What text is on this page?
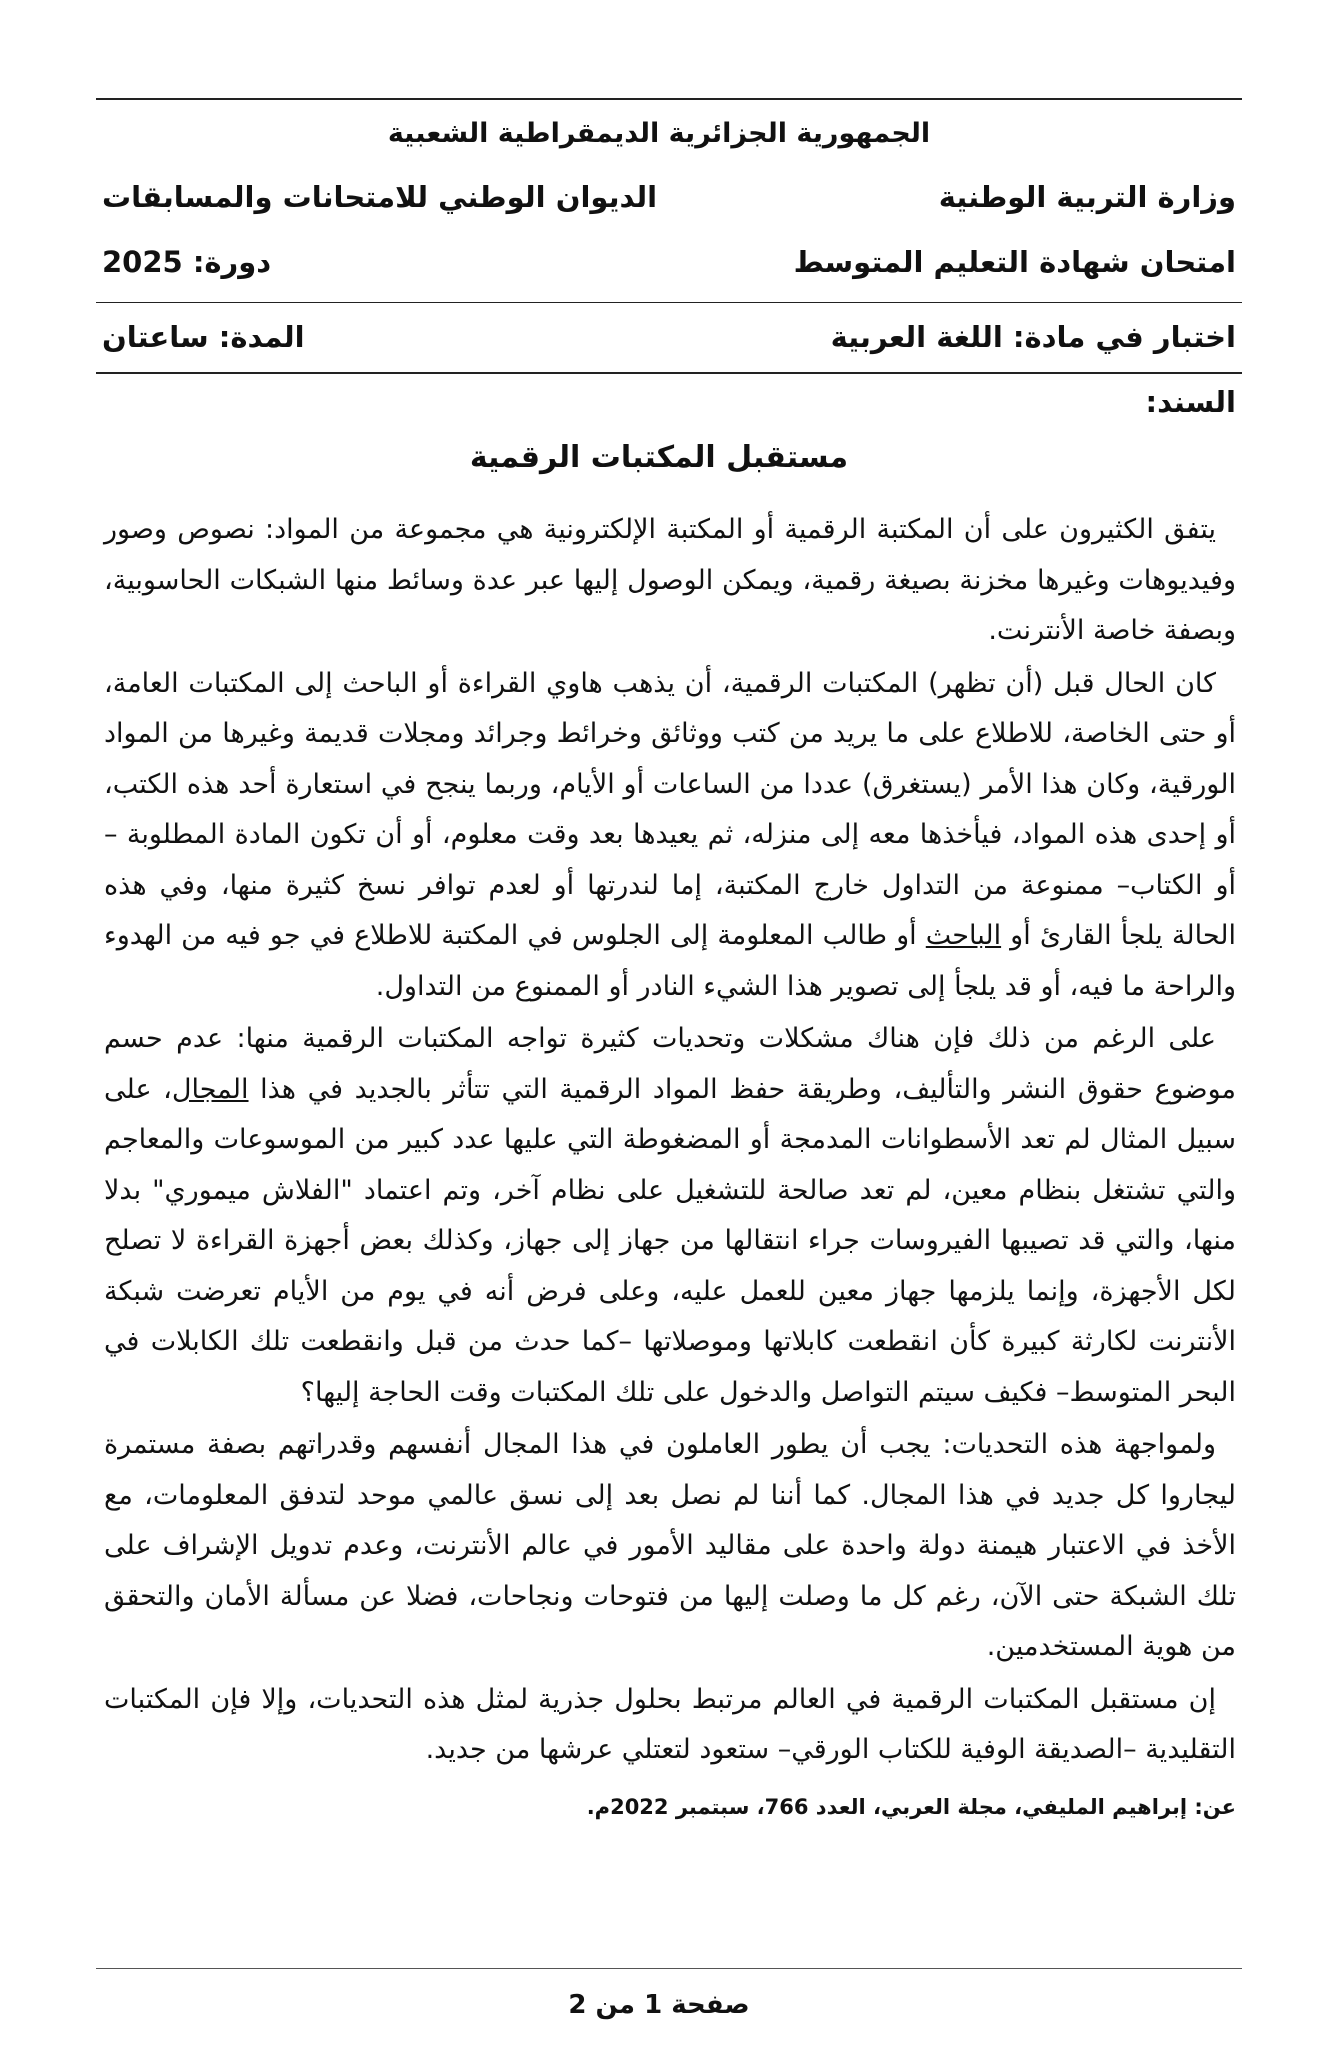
الجمهورية الجزائرية الديمقراطية الشعبية
وزارة التربية الوطنية
الديوان الوطني للامتحانات والمسابقات
امتحان شهادة التعليم المتوسط
دورة: 2025
اختبار في مادة: اللغة العربية
المدة: ساعتان
السند:
مستقبل المكتبات الرقمية

يتفق الكثيرون على أن المكتبة الرقمية أو المكتبة الإلكترونية هي مجموعة من المواد: نصوص وصور وفيديوهات وغيرها مخزنة بصيغة رقمية، ويمكن الوصول إليها عبر عدة وسائط منها الشبكات الحاسوبية، وبصفة خاصة الأنترنت.

كان الحال قبل (أن تظهر) المكتبات الرقمية، أن يذهب هاوي القراءة أو الباحث إلى المكتبات العامة، أو حتى الخاصة، للاطلاع على ما يريد من كتب ووثائق وخرائط وجرائد ومجلات قديمة وغيرها من المواد الورقية، وكان هذا الأمر (يستغرق) عددا من الساعات أو الأيام، وربما ينجح في استعارة أحد هذه الكتب، أو إحدى هذه المواد، فيأخذها معه إلى منزله، ثم يعيدها بعد وقت معلوم، أو أن تكون المادة المطلوبة –أو الكتاب– ممنوعة من التداول خارج المكتبة، إما لندرتها أو لعدم توافر نسخ كثيرة منها، وفي هذه الحالة يلجأ القارئ أو الباحث أو طالب المعلومة إلى الجلوس في المكتبة للاطلاع في جو فيه من الهدوء والراحة ما فيه، أو قد يلجأ إلى تصوير هذا الشيء النادر أو الممنوع من التداول.

على الرغم من ذلك فإن هناك مشكلات وتحديات كثيرة تواجه المكتبات الرقمية منها: عدم حسم موضوع حقوق النشر والتأليف، وطريقة حفظ المواد الرقمية التي تتأثر بالجديد في هذا المجال، على سبيل المثال لم تعد الأسطوانات المدمجة أو المضغوطة التي عليها عدد كبير من الموسوعات والمعاجم والتي تشتغل بنظام معين، لم تعد صالحة للتشغيل على نظام آخر، وتم اعتماد "الفلاش ميموري" بدلا منها، والتي قد تصيبها الفيروسات جراء انتقالها من جهاز إلى جهاز، وكذلك بعض أجهزة القراءة لا تصلح لكل الأجهزة، وإنما يلزمها جهاز معين للعمل عليه، وعلى فرض أنه في يوم من الأيام تعرضت شبكة الأنترنت لكارثة كبيرة كأن انقطعت كابلاتها وموصلاتها –كما حدث من قبل وانقطعت تلك الكابلات في البحر المتوسط– فكيف سيتم التواصل والدخول على تلك المكتبات وقت الحاجة إليها؟

ولمواجهة هذه التحديات: يجب أن يطور العاملون في هذا المجال أنفسهم وقدراتهم بصفة مستمرة ليجاروا كل جديد في هذا المجال. كما أننا لم نصل بعد إلى نسق عالمي موحد لتدفق المعلومات، مع الأخذ في الاعتبار هيمنة دولة واحدة على مقاليد الأمور في عالم الأنترنت، وعدم تدويل الإشراف على تلك الشبكة حتى الآن، رغم كل ما وصلت إليها من فتوحات ونجاحات، فضلا عن مسألة الأمان والتحقق من هوية المستخدمين.

إن مستقبل المكتبات الرقمية في العالم مرتبط بحلول جذرية لمثل هذه التحديات، وإلا فإن المكتبات التقليدية –الصديقة الوفية للكتاب الورقي– ستعود لتعتلي عرشها من جديد.

عن: إبراهيم المليفي، مجلة العربي، العدد 766، سبتمبر 2022م.
صفحة 1 من 2
